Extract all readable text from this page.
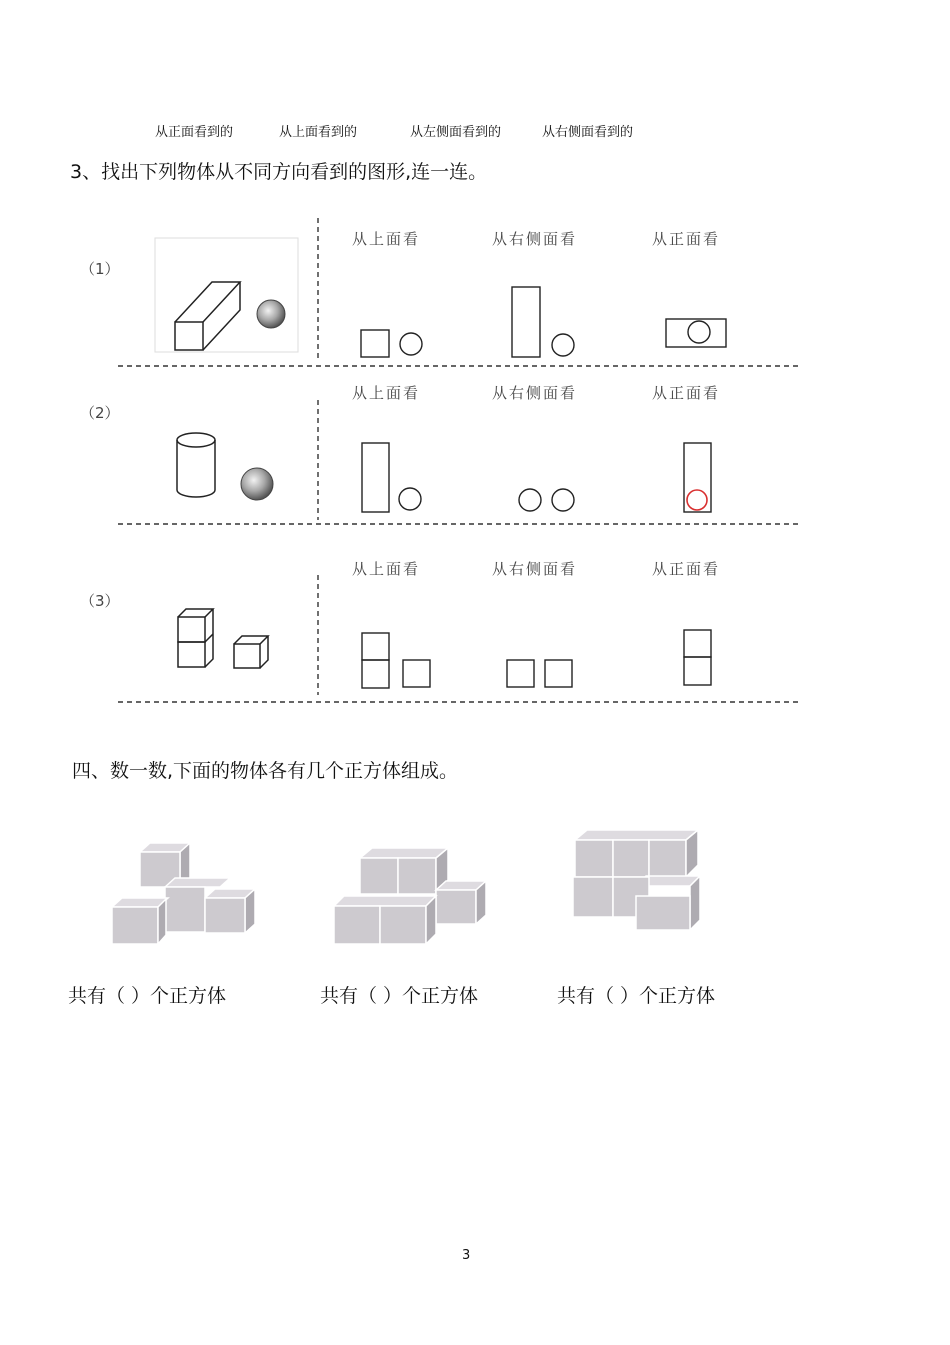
从正面看到的	从上面看到的	从左侧面看到的	从右侧面看到的
3、找出下列物体从不同方向看到的图形,连一连。
（1）
（2）
（3）
从上面看	从右侧面看	从正面看
从上面看	从右侧面看	从正面看
从上面看	从右侧面看	从正面看
四、数一数,下面的物体各有几个正方体组成。
共有（ ）个正方体	共有（ ）个正方体	共有（ ）个正方体
3
